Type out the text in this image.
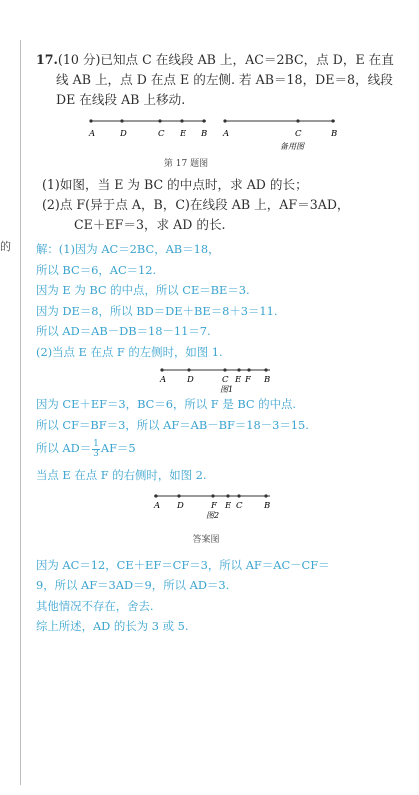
的

17.(10 分)已知点 C 在线段 AB 上，AC＝2BC，点 D，E 在直

线 AB 上，点 D 在点 E 的左侧. 若 AB＝18，DE＝8，线段

DE 在线段 AB 上移动.

A	D	C E B A	C	B
备用图
第 17 题图

(1)如图，当 E 为 BC 的中点时，求 AD 的长；

(2)点 F(异于点 A，B，C)在线段 AB 上，AF＝3AD，

CE＋EF＝3，求 AD 的长.

解：(1)因为 AC＝2BC，AB＝18，

所以 BC＝6，AC＝12.

因为 E 为 BC 的中点，所以 CE＝BE＝3.

因为 DE＝8，所以 BD＝DE＋BE＝8＋3＝11.

所以 AD＝AB－DB＝18－11＝7.

(2)当点 E 在点 F 的左侧时，如图 1.

A D	C E F B
图1

因为 CE＋EF＝3，BC＝6，所以 F 是 BC 的中点.

所以 CF＝BF＝3，所以 AF＝AB－BF＝18－3＝15.

所以 $AD= \frac{1}{3} AF=5$

当点 E 在点 F 的右侧时，如图 2.

A D	F E C	B
图2
答案图

因为 AC＝12，CE＋EF＝CF＝3，所以 AF＝AC－CF＝

9，所以 AF＝3AD＝9，所以 AD＝3.

其他情况不存在，舍去.

综上所述，AD 的长为 3 或 5.
